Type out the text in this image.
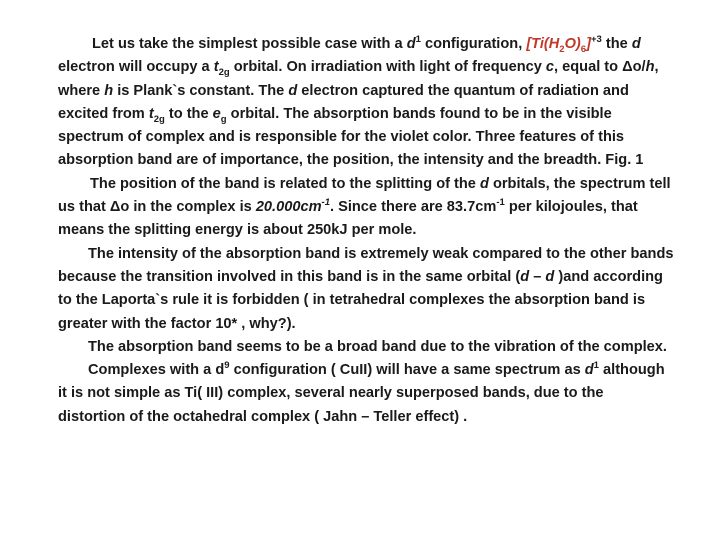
Let us take the simplest possible case with a $d^1$ configuration, $[Ti(H_2O)_6]^{+3}$ the d electron will occupy a $t_{2g}$ orbital. On irradiation with light of frequency c, equal to Δo/h, where h is Plank`s constant. The d electron captured the quantum of radiation and excited from $t_{2g}$ to the $e_g$ orbital. The absorption bands found to be in the visible spectrum of complex and is responsible for the violet color. Three features of this absorption band are of importance, the position, the intensity and the breadth. Fig. 1

The position of the band is related to the splitting of the d orbitals, the spectrum tell us that Δo in the complex is $20.000cm^{-1}$. Since there are $83.7cm^{-1}$ per kilojoules, that means the splitting energy is about 250kJ per mole.

The intensity of the absorption band is extremely weak compared to the other bands because the transition involved in this band is in the same orbital (d – d )and according to the Laporta`s rule it is forbidden ( in tetrahedral complexes the absorption band is greater with the factor 10* , why?).

The absorption band seems to be a broad band due to the vibration of the complex.

Complexes with a $d^9$ configuration ( CuII) will have a same spectrum as $d^1$ although it is not simple as Ti( III) complex, several nearly superposed bands, due to the distortion of the octahedral complex ( Jahn – Teller effect) .
